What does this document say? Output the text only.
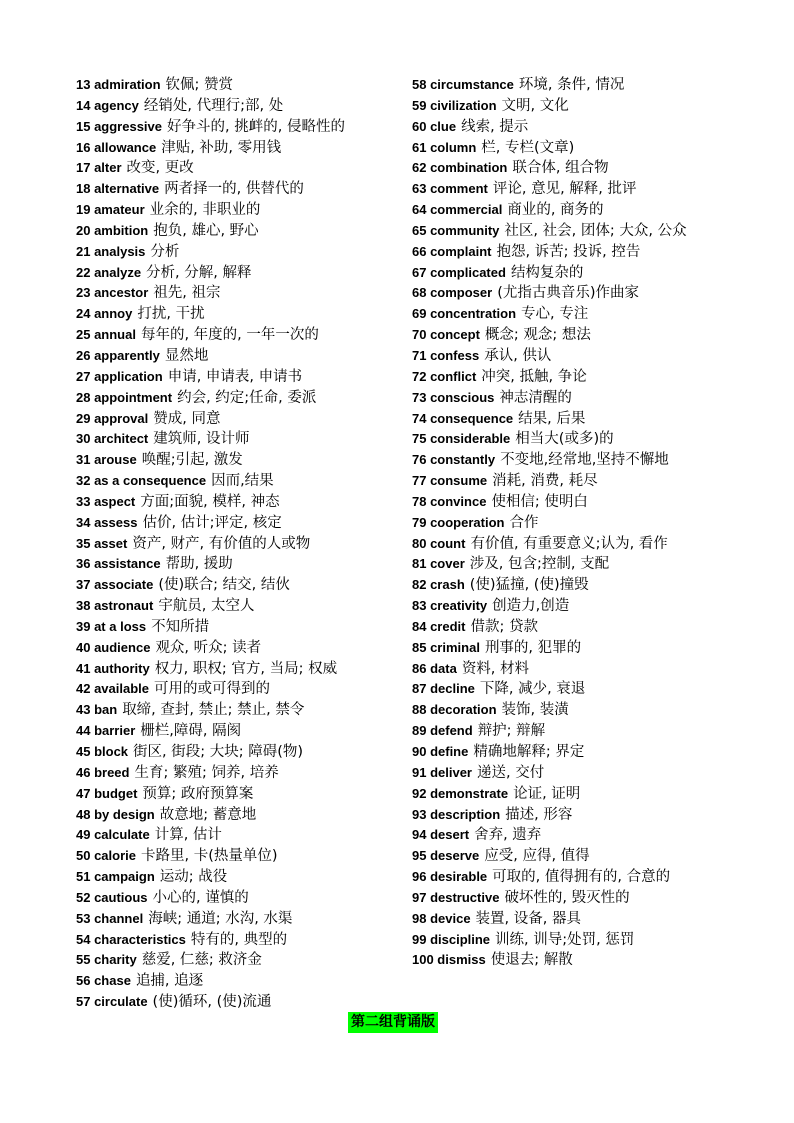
13 admiration 钦佩; 赞赏
14 agency 经销处, 代理行;部, 处
15 aggressive 好争斗的, 挑衅的, 侵略性的
16 allowance 津贴, 补助, 零用钱
17 alter 改变, 更改
18 alternative 两者择一的, 供替代的
19 amateur 业余的, 非职业的
20 ambition 抱负, 雄心, 野心
21 analysis 分析
22 analyze 分析, 分解, 解释
23 ancestor 祖先, 祖宗
24 annoy 打扰, 干扰
25 annual 每年的, 年度的, 一年一次的
26 apparently 显然地
27 application 申请, 申请表, 申请书
28 appointment 约会, 约定;任命, 委派
29 approval 赞成, 同意
30 architect 建筑师, 设计师
31 arouse 唤醒;引起, 激发
32 as a consequence 因而,结果
33 aspect 方面;面貌, 模样, 神态
34 assess 估价, 估计;评定, 核定
35 asset 资产, 财产, 有价值的人或物
36 assistance 帮助, 援助
37 associate (使)联合; 结交, 结伙
38 astronaut 宇航员, 太空人
39 at a loss 不知所措
40 audience 观众, 听众; 读者
41 authority 权力, 职权; 官方, 当局; 权威
42 available 可用的或可得到的
43 ban 取缔, 查封, 禁止; 禁止, 禁令
44 barrier 栅栏,障碍, 隔阂
45 block 街区, 街段; 大块; 障碍(物)
46 breed 生育; 繁殖; 饲养, 培养
47 budget 预算; 政府预算案
48 by design 故意地; 蓄意地
49 calculate 计算, 估计
50 calorie 卡路里, 卡(热量单位)
51 campaign 运动; 战役
52 cautious 小心的, 谨慎的
53 channel 海峡; 通道; 水沟, 水渠
54 characteristics 特有的, 典型的
55 charity 慈爱, 仁慈; 救济金
56 chase 追捕, 追逐
57 circulate (使)循环, (使)流通
58 circumstance 环境, 条件, 情况
59 civilization 文明, 文化
60 clue 线索, 提示
61 column 栏, 专栏(文章)
62 combination 联合体, 组合物
63 comment 评论, 意见, 解释, 批评
64 commercial 商业的, 商务的
65 community 社区, 社会, 团体; 大众, 公众
66 complaint 抱怨, 诉苦; 投诉, 控告
67 complicated 结构复杂的
68 composer (尤指古典音乐)作曲家
69 concentration 专心, 专注
70 concept 概念; 观念; 想法
71 confess 承认, 供认
72 conflict 冲突, 抵触, 争论
73 conscious 神志清醒的
74 consequence 结果, 后果
75 considerable 相当大(或多)的
76 constantly 不变地,经常地,坚持不懈地
77 consume 消耗, 消费, 耗尽
78 convince 使相信; 使明白
79 cooperation 合作
80 count 有价值, 有重要意义;认为, 看作
81 cover 涉及, 包含;控制, 支配
82 crash (使)猛撞, (使)撞毁
83 creativity 创造力,创造
84 credit 借款; 贷款
85 criminal 刑事的, 犯罪的
86 data 资料, 材料
87 decline 下降, 减少, 衰退
88 decoration 装饰, 装潢
89 defend 辩护; 辩解
90 define 精确地解释; 界定
91 deliver 递送, 交付
92 demonstrate 论证, 证明
93 description 描述, 形容
94 desert 舍弃, 遗弃
95 deserve 应受, 应得, 值得
96 desirable 可取的, 值得拥有的, 合意的
97 destructive 破坏性的, 毁灭性的
98 device 装置, 设备, 器具
99 discipline 训练, 训导;处罚, 惩罚
100 dismiss 使退去; 解散
第二组背诵版
